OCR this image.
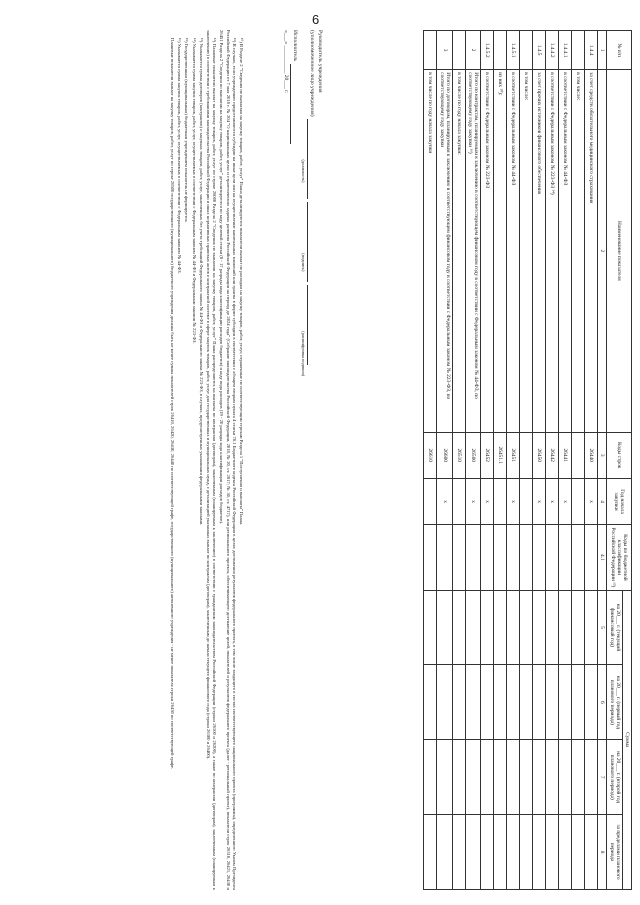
6
№ п/п	Наименование показателя	Коды строк	Год начала закупки	Коды по бюджетной классификации Российской Федерации ¹³)	Сумма			
					на 20___ г. (текущий финансовый год)	на 20___ г. (первый год планового периода)	на 20___ г. (второй год планового периода)	за пределами планового периода
1	2	3	4	4.1	5	6	7	8
1.4.4	за счет средств обязательного медицинского страхования	26440	x					
	в том числе:							
1.4.4.1	в соответствии с Федеральным законом № 44-ФЗ	26441	x					
1.4.4.2	в соответствии с Федеральным законом № 223-ФЗ ¹⁴)	26442	x					
1.4.5	за счет прочих источников финансового обеспечения	26450	x					
	в том числе:							
1.4.5.1	в соответствии с Федеральным законом № 44-ФЗ	26451	x					
	из них ¹⁰):	26451.1						
1.4.5.2	в соответствии с Федеральным законом № 223-ФЗ	26452	x					
2	Итого по контрактам, планируемым к заключению в соответствующем финансовом году в соответствии с Федеральным законом № 44-ФЗ, по соответствующему году закупки ¹⁶)	26500	x					
	в том числе по году начала закупки:	26510						
3	Итого по договорам, планируемым к заключению в соответствующем финансовом году в соответствии с Федеральным законом № 223-ФЗ, по соответствующему году закупки	26600	x					
	в том числе по году начала закупки	26610						
Руководитель учреждения
(уполномоченное лицо учреждения)
(должность) (подпись) (расшифровка подписи)
Исполнитель
«___» __________ 20___ г.

¹⁰) В Разделе 2 "Сведения по выплатам на закупку товаров, работ, услуг" Плана детализируются показатели выплат по расходам на закупку товаров, работ, услуг, отраженные по соответствующим строкам Раздела 1 "Поступления и выплаты" Плана.

¹¹) В случаях, если учреждению предоставляются субсидии на иные цели или на осуществление капитальных вложений или гранты в форме субсидии в соответствии с абзацем вторым пункта 4 статьи 78.1 Бюджетного кодекса Российской Федерации в целях достижения результатов федерального проекта, в том числе входящего в состав соответствующего национального проекта (программы), определенного Указом Президента Российской Федерации от 7 мая 2018 г. № 204 "О национальных целях и стратегических задачах развития Российской Федерации на период до 2024 года" (Собрание законодательства Российской Федерации, 2018, № 20, ст. 2817; № 30, ст. 4717), или регионального проекта, обеспечивающего достижение целей, показателей и результатов федерального проекта (далее - региональный проект), показатели строк 26310, 26421, 26430 и 26451 Раздела 2 "Сведения по выплатам на закупку товаров, работ, услуг" детализируются по коду целевой статьи (8 - 17 разряды кода классификации расходов бюджетов) и коду вида расходов (19 - 20 разряды кода классификации расходов бюджетов).

¹²) Плановые показатели выплат на закупку товаров, работ, услуг по строке 26000 Раздела 2 "Сведения по выплатам на закупку товаров, работ, услуг" Плана распределяются на выплаты по контрактам (договорам), заключенным (планируемым к заключению) в соответствии с гражданским законодательством Российской Федерации (строки 26100 и 26200), а также по контрактам (договорам), заключенным (планируемым к заключению) в соответствии с требованиями законодательства Российской Федерации и иных нормативных правовых актов о контрактной системе в сфере закупок товаров, работ, услуг для государственных и муниципальных нужд, с детализацией указанных выплат по контрактам (договорам), заключенным до начала текущего финансового года (строки 26300 и 26400).

¹³) Указывается сумма договоров (контрактов) о закупках товаров, работ, услуг, заключенных без учета требований Федерального закона № 44-ФЗ и Федерального закона № 223-ФЗ, в случаях, предусмотренных указанными федеральными законами.

¹⁴) Указывается сумма закупок товаров, работ, услуг, осуществляемых в соответствии с Федеральным законом № 44-ФЗ и Федеральным законом № 223-ФЗ.

¹⁵) Государственным (муниципальным) бюджетным учреждением показатель не формируется.

¹⁶) Указывается сумма закупок товаров, работ, услуг, осуществляемых в соответствии с Федеральным законом № 44-ФЗ.

Плановые показатели выплат на закупку товаров, работ, услуг по строке 26500 государственного (муниципального) бюджетного учреждения должны быть не менее суммы показателей строк 26410, 26420, 26430, 26440 по соответствующей графе, государственного (муниципального) автономного учреждения - не менее показателя строки 26430 по соответствующей графе.
